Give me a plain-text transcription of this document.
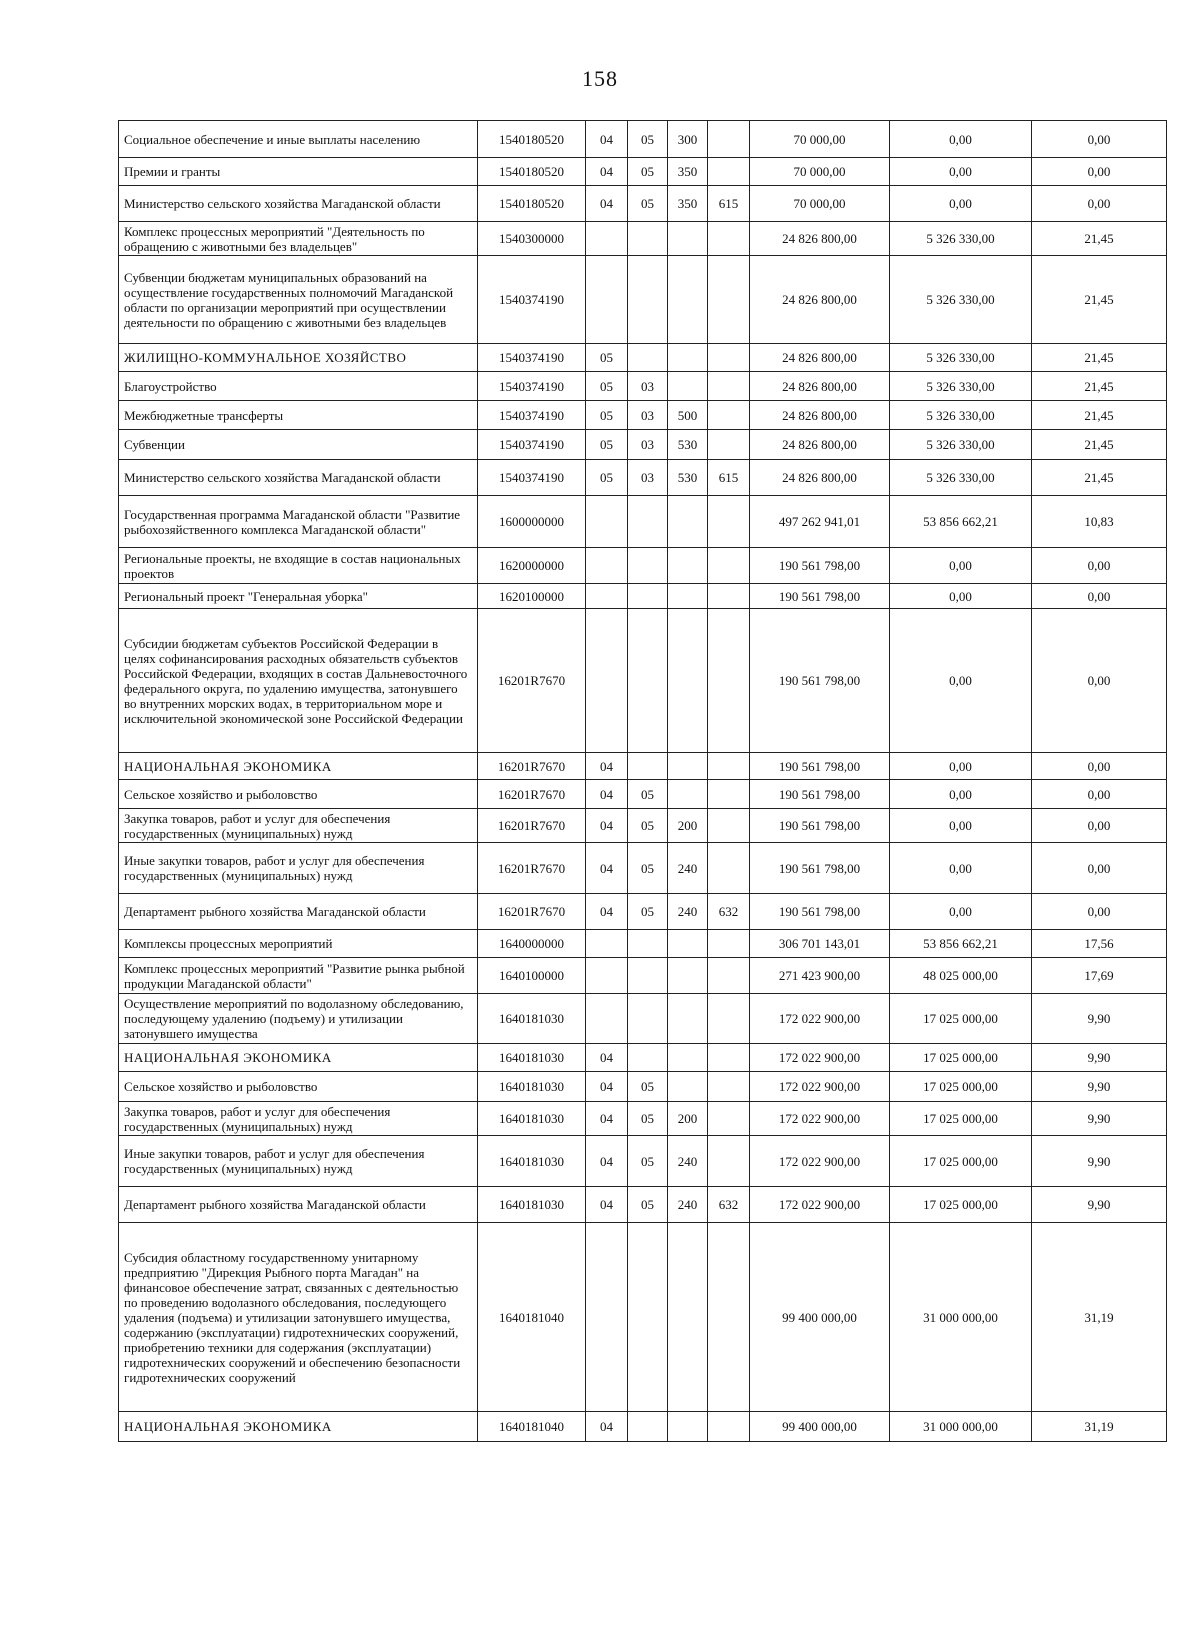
158
Социальное обеспечение и иные выплаты населению	1540180520	04	05	300		70 000,00	0,00	0,00
Премии и гранты	1540180520	04	05	350		70 000,00	0,00	0,00
Министерство сельского хозяйства Магаданской области	1540180520	04	05	350	615	70 000,00	0,00	0,00
Комплекс процессных мероприятий "Деятельность по обращению с животными без владельцев"	1540300000					24 826 800,00	5 326 330,00	21,45
Субвенции бюджетам муниципальных образований на осуществление государственных полномочий Магаданской области по организации мероприятий при осуществлении деятельности по обращению с животными без владельцев	1540374190					24 826 800,00	5 326 330,00	21,45
ЖИЛИЩНО-КОММУНАЛЬНОЕ ХОЗЯЙСТВО	1540374190	05				24 826 800,00	5 326 330,00	21,45
Благоустройство	1540374190	05	03			24 826 800,00	5 326 330,00	21,45
Межбюджетные трансферты	1540374190	05	03	500		24 826 800,00	5 326 330,00	21,45
Субвенции	1540374190	05	03	530		24 826 800,00	5 326 330,00	21,45
Министерство сельского хозяйства Магаданской области	1540374190	05	03	530	615	24 826 800,00	5 326 330,00	21,45
Государственная программа Магаданской области "Развитие рыбохозяйственного комплекса Магаданской области"	1600000000					497 262 941,01	53 856 662,21	10,83
Региональные проекты, не входящие в состав национальных проектов	1620000000					190 561 798,00	0,00	0,00
Региональный проект "Генеральная уборка"	1620100000					190 561 798,00	0,00	0,00
Субсидии бюджетам субъектов Российской Федерации в целях софинансирования расходных обязательств субъектов Российской Федерации, входящих в состав Дальневосточного федерального округа, по удалению имущества, затонувшего во внутренних морских водах, в территориальном море и исключительной экономической зоне Российской Федерации	16201R7670					190 561 798,00	0,00	0,00
НАЦИОНАЛЬНАЯ ЭКОНОМИКА	16201R7670	04				190 561 798,00	0,00	0,00
Сельское хозяйство и рыболовство	16201R7670	04	05			190 561 798,00	0,00	0,00
Закупка товаров, работ и услуг для обеспечения государственных (муниципальных) нужд	16201R7670	04	05	200		190 561 798,00	0,00	0,00
Иные закупки товаров, работ и услуг для обеспечения государственных (муниципальных) нужд	16201R7670	04	05	240		190 561 798,00	0,00	0,00
Департамент рыбного хозяйства Магаданской области	16201R7670	04	05	240	632	190 561 798,00	0,00	0,00
Комплексы процессных мероприятий	1640000000					306 701 143,01	53 856 662,21	17,56
Комплекс процессных мероприятий "Развитие рынка рыбной продукции Магаданской области"	1640100000					271 423 900,00	48 025 000,00	17,69
Осуществление мероприятий по водолазному обследованию, последующему удалению (подъему) и утилизации затонувшего имущества	1640181030					172 022 900,00	17 025 000,00	9,90
НАЦИОНАЛЬНАЯ ЭКОНОМИКА	1640181030	04				172 022 900,00	17 025 000,00	9,90
Сельское хозяйство и рыболовство	1640181030	04	05			172 022 900,00	17 025 000,00	9,90
Закупка товаров, работ и услуг для обеспечения государственных (муниципальных) нужд	1640181030	04	05	200		172 022 900,00	17 025 000,00	9,90
Иные закупки товаров, работ и услуг для обеспечения государственных (муниципальных) нужд	1640181030	04	05	240		172 022 900,00	17 025 000,00	9,90
Департамент рыбного хозяйства Магаданской области	1640181030	04	05	240	632	172 022 900,00	17 025 000,00	9,90
Субсидия областному государственному унитарному предприятию "Дирекция Рыбного порта Магадан" на финансовое обеспечение затрат, связанных с деятельностью по проведению водолазного обследования, последующего удаления (подъема) и утилизации затонувшего имущества, содержанию (эксплуатации) гидротехнических сооружений, приобретению техники для содержания (эксплуатации) гидротехнических сооружений и обеспечению безопасности гидротехнических сооружений	1640181040					99 400 000,00	31 000 000,00	31,19
НАЦИОНАЛЬНАЯ ЭКОНОМИКА	1640181040	04				99 400 000,00	31 000 000,00	31,19
